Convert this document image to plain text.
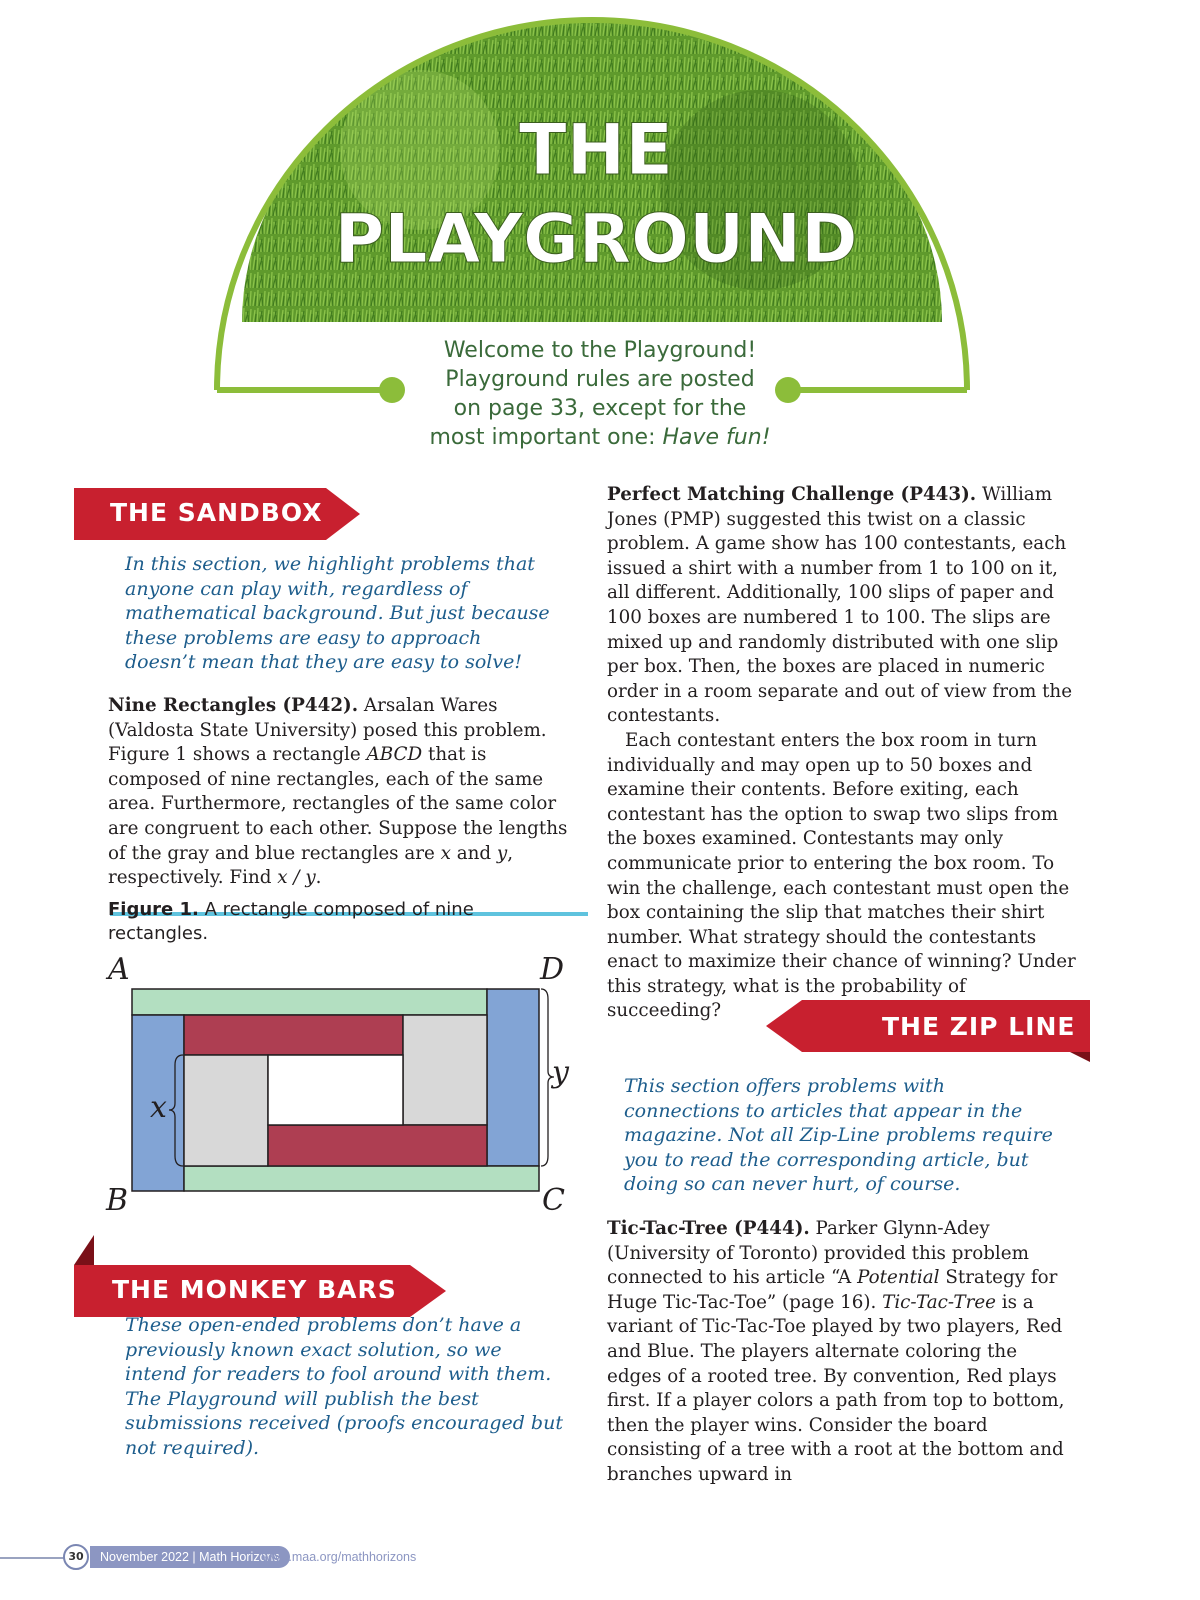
THE
PLAYGROUND

Welcome to the Playground!

Playground rules are posted

on page 33, except for the

most important one: Have fun!

THE SANDBOX

In this section, we highlight problems that anyone can play with, regardless of mathematical background. But just because these problems are easy to approach doesn’t mean that they are easy to solve!

Nine Rectangles (P442). Arsalan Wares (Valdosta State University) posed this problem. Figure 1 shows a rectangle ABCD that is composed of nine rectangles, each of the same area. Furthermore, rectangles of the same color are congruent to each other. Suppose the lengths of the gray and blue rectangles are x and y, respectively. Find x / y.

Figure 1. A rectangle composed of nine rectangles.
A	D
B	C
x
y
THE MONKEY BARS

These open-ended problems don’t have a previously known exact solution, so we intend for readers to fool around with them. The Playground will publish the best submissions received (proofs encouraged but not required).

Perfect Matching Challenge (P443). William Jones (PMP) suggested this twist on a classic problem. A game show has 100 contestants, each issued a shirt with a number from 1 to 100 on it, all different. Additionally, 100 slips of paper and 100 boxes are numbered 1 to 100. The slips are mixed up and randomly distributed with one slip per box. Then, the boxes are placed in numeric order in a room separate and out of view from the contestants.

Each contestant enters the box room in turn individually and may open up to 50 boxes and examine their contents. Before exiting, each contestant has the option to swap two slips from the boxes examined. Contestants may only communicate prior to entering the box room. To win the challenge, each contestant must open the box containing the slip that matches their shirt number. What strategy should the contestants enact to maximize their chance of winning? Under this strategy, what is the probability of succeeding?

THE ZIP LINE

This section offers problems with connections to articles that appear in the magazine. Not all Zip-Line problems require you to read the corresponding article, but doing so can never hurt, of course.

Tic-Tac-Tree (P444). Parker Glynn-Adey (University of Toronto) provided this problem connected to his article “A Potential Strategy for Huge Tic-Tac-Toe” (page 16). Tic-Tac-Tree is a variant of Tic-Tac-Toe played by two players, Red and Blue. The players alternate coloring the edges of a rooted tree. By convention, Red plays first. If a player colors a path from top to bottom, then the player wins. Consider the board consisting of a tree with a root at the bottom and branches upward in

30	November 2022 | Math Horizons
www.maa.org/mathhorizons
